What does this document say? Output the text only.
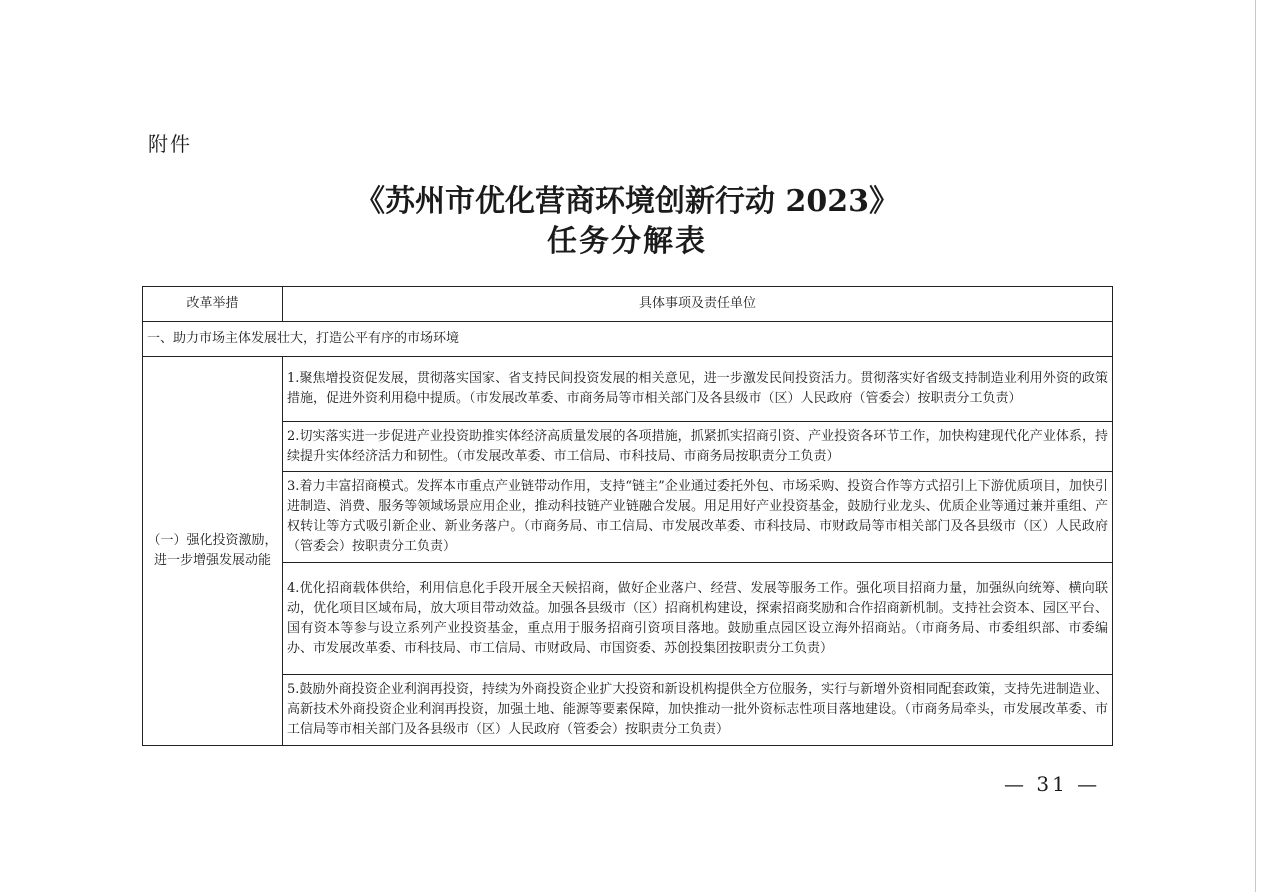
附件
《苏州市优化营商环境创新行动 2023》
任务分解表
改革举措	具体事项及责任单位
一、助力市场主体发展壮大，打造公平有序的市场环境	
（一）强化投资激励，进一步增强发展动能	1.聚焦增投资促发展，贯彻落实国家、省支持民间投资发展的相关意见，进一步激发民间投资活力。贯彻落实好省级支持制造业利用外资的政策措施，促进外资利用稳中提质。（市发展改革委、市商务局等市相关部门及各县级市（区）人民政府（管委会）按职责分工负责）
	2.切实落实进一步促进产业投资助推实体经济高质量发展的各项措施，抓紧抓实招商引资、产业投资各环节工作，加快构建现代化产业体系，持续提升实体经济活力和韧性。（市发展改革委、市工信局、市科技局、市商务局按职责分工负责）
	3.着力丰富招商模式。发挥本市重点产业链带动作用，支持“链主”企业通过委托外包、市场采购、投资合作等方式招引上下游优质项目，加快引进制造、消费、服务等领域场景应用企业，推动科技链产业链融合发展。用足用好产业投资基金，鼓励行业龙头、优质企业等通过兼并重组、产权转让等方式吸引新企业、新业务落户。（市商务局、市工信局、市发展改革委、市科技局、市财政局等市相关部门及各县级市（区）人民政府（管委会）按职责分工负责）
	4.优化招商载体供给，利用信息化手段开展全天候招商，做好企业落户、经营、发展等服务工作。强化项目招商力量，加强纵向统筹、横向联动，优化项目区域布局，放大项目带动效益。加强各县级市（区）招商机构建设，探索招商奖励和合作招商新机制。支持社会资本、园区平台、国有资本等参与设立系列产业投资基金，重点用于服务招商引资项目落地。鼓励重点园区设立海外招商站。（市商务局、市委组织部、市委编办、市发展改革委、市科技局、市工信局、市财政局、市国资委、苏创投集团按职责分工负责）
	5.鼓励外商投资企业利润再投资，持续为外商投资企业扩大投资和新设机构提供全方位服务，实行与新增外资相同配套政策，支持先进制造业、高新技术外商投资企业利润再投资，加强土地、能源等要素保障，加快推动一批外资标志性项目落地建设。（市商务局牵头，市发展改革委、市工信局等市相关部门及各县级市（区）人民政府（管委会）按职责分工负责）
— 31 —
